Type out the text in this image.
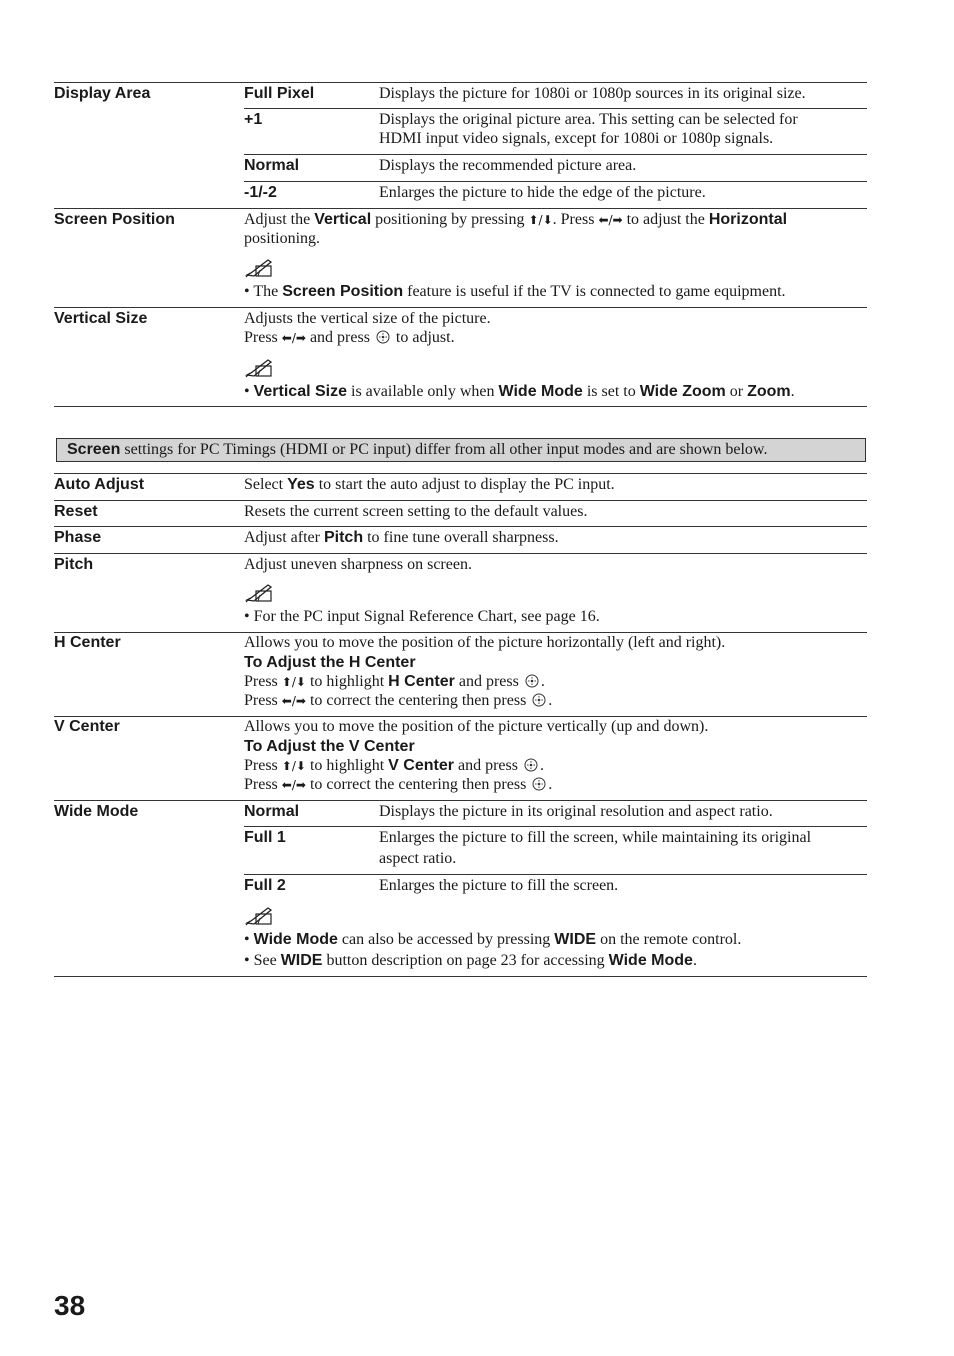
Display Area	Full Pixel	Displays the picture for 1080i or 1080p sources in its original size.
+1	Displays the original picture area. This setting can be selected for
HDMI input video signals, except for 1080i or 1080p signals.
Normal	Displays the recommended picture area.
-1/-2	Enlarges the picture to hide the edge of the picture.
Screen Position	Adjust the Vertical positioning by pressing ⬆/⬇. Press ⬅/➡ to adjust the Horizontal
positioning.
• The Screen Position feature is useful if the TV is connected to game equipment.
Vertical Size	Adjusts the vertical size of the picture.
Press ⬅/➡ and press to adjust.
• Vertical Size is available only when Wide Mode is set to Wide Zoom or Zoom.
Screen settings for PC Timings (HDMI or PC input) differ from all other input modes and are shown below.
Auto Adjust	Select Yes to start the auto adjust to display the PC input.
Reset	Resets the current screen setting to the default values.
Phase	Adjust after Pitch to fine tune overall sharpness.
Pitch	Adjust uneven sharpness on screen.
• For the PC input Signal Reference Chart, see page 16.
H Center	Allows you to move the position of the picture horizontally (left and right).
To Adjust the H Center
Press ⬆/⬇ to highlight H Center and press .
Press ⬅/➡ to correct the centering then press .
V Center	Allows you to move the position of the picture vertically (up and down).
To Adjust the V Center
Press ⬆/⬇ to highlight V Center and press .
Press ⬅/➡ to correct the centering then press .
Wide Mode	Normal	Displays the picture in its original resolution and aspect ratio.
Full 1	Enlarges the picture to fill the screen, while maintaining its original
aspect ratio.
Full 2	Enlarges the picture to fill the screen.
• Wide Mode can also be accessed by pressing WIDE on the remote control.
• See WIDE button description on page 23 for accessing Wide Mode.
38
